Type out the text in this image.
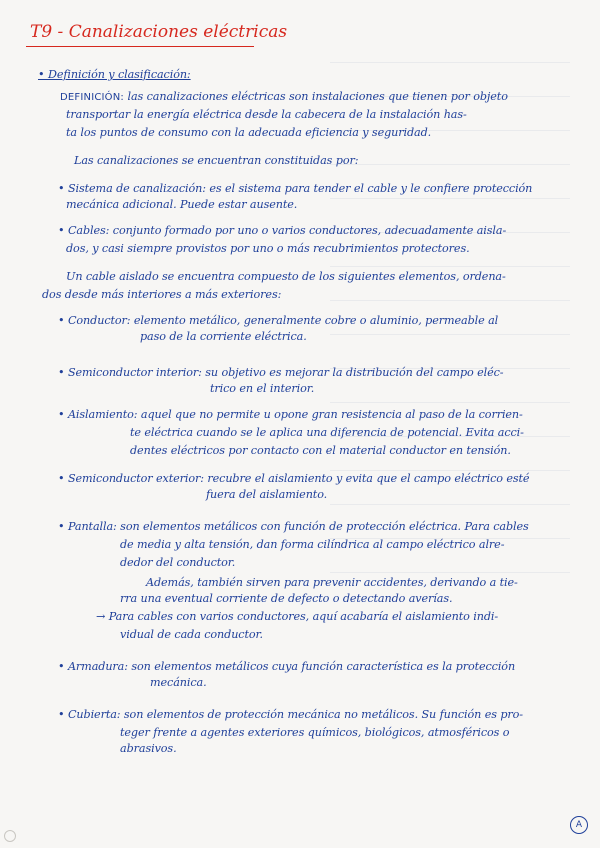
T9 - Canalizaciones eléctricas
• Definición y clasificación:
DEFINICIÓN: las canalizaciones eléctricas son instalaciones que tienen por objeto
transportar la energía eléctrica desde la cabecera de la instalación has-
ta los puntos de consumo con la adecuada eficiencia y seguridad.
Las canalizaciones se encuentran constituidas por:
• Sistema de canalización: es el sistema para tender el cable y le confiere protección
mecánica adicional. Puede estar ausente.
• Cables: conjunto formado por uno o varios conductores, adecuadamente aisla-
dos, y casi siempre provistos por uno o más recubrimientos protectores.
Un cable aislado se encuentra compuesto de los siguientes elementos, ordena-
dos desde más interiores a más exteriores:
• Conductor: elemento metálico, generalmente cobre o aluminio, permeable al
paso de la corriente eléctrica.
• Semiconductor interior: su objetivo es mejorar la distribución del campo eléc-
trico en el interior.
• Aislamiento: aquel que no permite u opone gran resistencia al paso de la corrien-
te eléctrica cuando se le aplica una diferencia de potencial. Evita acci-
dentes eléctricos por contacto con el material conductor en tensión.
• Semiconductor exterior: recubre el aislamiento y evita que el campo eléctrico esté
fuera del aislamiento.
• Pantalla: son elementos metálicos con función de protección eléctrica. Para cables
de media y alta tensión, dan forma cilíndrica al campo eléctrico alre-
dedor del conductor.
Además, también sirven para prevenir accidentes, derivando a tie-
rra una eventual corriente de defecto o detectando averías.
→ Para cables con varios conductores, aquí acabaría el aislamiento indi-
vidual de cada conductor.
• Armadura: son elementos metálicos cuya función característica es la protección
mecánica.
• Cubierta: son elementos de protección mecánica no metálicos. Su función es pro-
teger frente a agentes exteriores químicos, biológicos, atmosféricos o
abrasivos.
A
